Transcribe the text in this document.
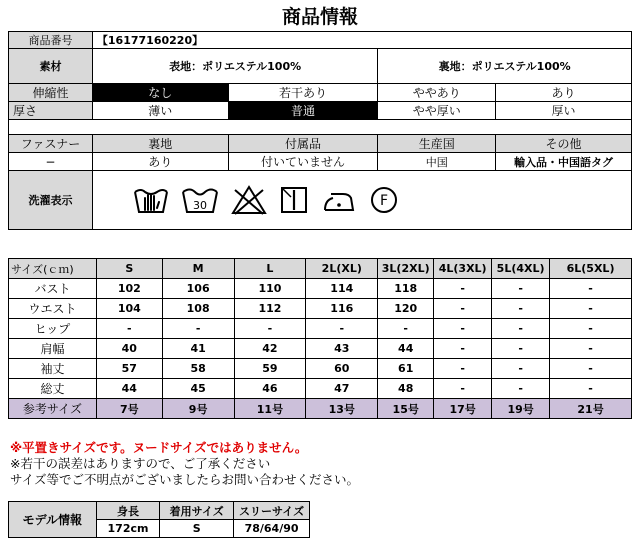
商品情報
商品番号	【16177160220】			
素材	表地：ポリエステル100%		裏地：ポリエステル100%	
伸縮性	なし	若干あり	ややあり	あり
厚さ	薄い	普通	やや厚い	厚い

ファスナー	裏地	付属品	生産国	その他
−	あり	付いていません	中国	輸入品・中国語タグ
洗濯表示	30 F			
サイズ(ｃｍ)	S	M	L	2L(XL)	3L(2XL)	4L(3XL)	5L(4XL)	6L(5XL)
バスト	102	106	110	114	118	-	-	-
ウエスト	104	108	112	116	120	-	-	-
ヒップ	-	-	-	-	-	-	-	-
肩幅	40	41	42	43	44	-	-	-
袖丈	57	58	59	60	61	-	-	-
総丈	44	45	46	47	48	-	-	-
参考サイズ	7号	9号	11号	13号	15号	17号	19号	21号
※平置きサイズです。ヌードサイズではありません。
※若干の誤差はありますので、ご了承ください
サイズ等でご不明点がございましたらお問い合わせください。
モデル情報	身長	着用サイズ	スリーサイズ
	172cm	S	78/64/90
